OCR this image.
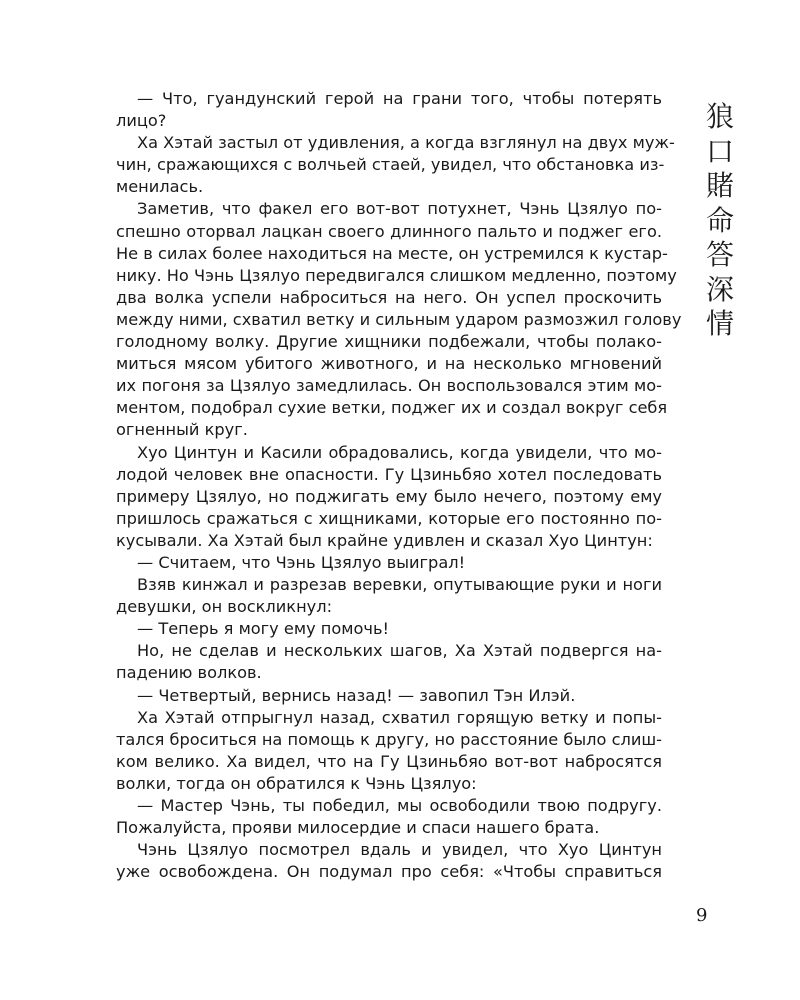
— Что, гуандунский герой на грани того, чтобы потерять
лицо?
Ха Хэтай застыл от удивления, а когда взглянул на двух муж-
чин, сражающихся с волчьей стаей, увидел, что обстановка из-
менилась.
Заметив, что факел его вот-вот потухнет, Чэнь Цзялуо по-
спешно оторвал лацкан своего длинного пальто и поджег его.
Не в силах более находиться на месте, он устремился к кустар-
нику. Но Чэнь Цзялуо передвигался слишком медленно, поэтому
два волка успели наброситься на него. Он успел проскочить
между ними, схватил ветку и сильным ударом размозжил голову
голодному волку. Другие хищники подбежали, чтобы полако-
миться мясом убитого животного, и на несколько мгновений
их погоня за Цзялуо замедлилась. Он воспользовался этим мо-
ментом, подобрал сухие ветки, поджег их и создал вокруг себя
огненный круг.
Хуо Цинтун и Касили обрадовались, когда увидели, что мо-
лодой человек вне опасности. Гу Цзиньбяо хотел последовать
примеру Цзялуо, но поджигать ему было нечего, поэтому ему
пришлось сражаться с хищниками, которые его постоянно по-
кусывали. Ха Хэтай был крайне удивлен и сказал Хуо Цинтун:
— Считаем, что Чэнь Цзялуо выиграл!
Взяв кинжал и разрезав веревки, опутывающие руки и ноги
девушки, он воскликнул:
— Теперь я могу ему помочь!
Но, не сделав и нескольких шагов, Ха Хэтай подвергся на-
падению волков.
— Четвертый, вернись назад! — завопил Тэн Илэй.
Ха Хэтай отпрыгнул назад, схватил горящую ветку и попы-
тался броситься на помощь к другу, но расстояние было слиш-
ком велико. Ха видел, что на Гу Цзиньбяо вот-вот набросятся
волки, тогда он обратился к Чэнь Цзялуо:
— Мастер Чэнь, ты победил, мы освободили твою подругу.
Пожалуйста, прояви милосердие и спаси нашего брата.
Чэнь Цзялуо посмотрел вдаль и увидел, что Хуо Цинтун
уже освобождена. Он подумал про себя: «Чтобы справиться
狼
口
賭
命
答
深
情
9
